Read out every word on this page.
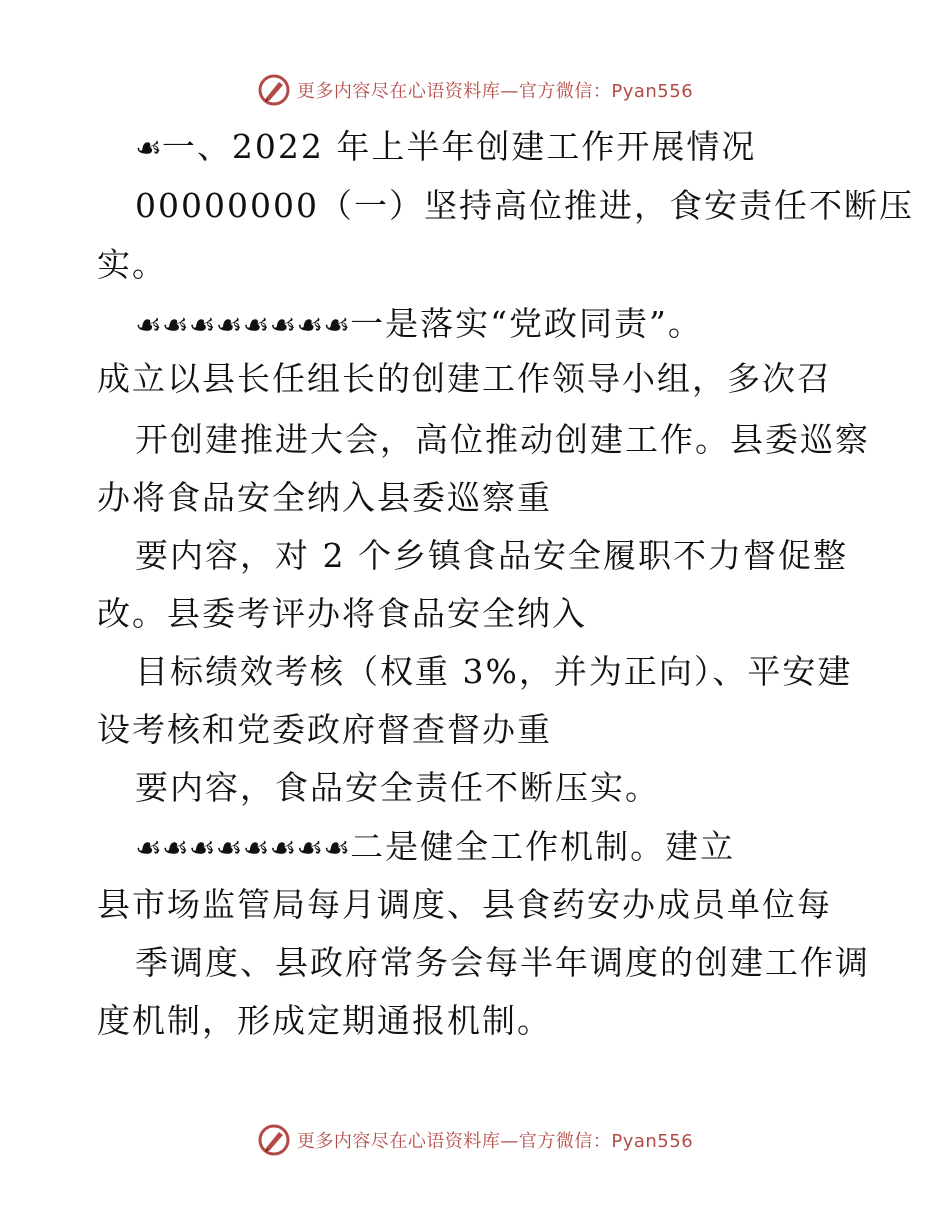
更多内容尽在心语资料库—官方微信：Pyan556
☙一、2022 年上半年创建工作开展情况
00000000（一）坚持高位推进，食安责任不断压
实。
☙☙☙☙☙☙☙☙一是落实“党政同责”。
成立以县长任组长的创建工作领导小组，多次召
开创建推进大会，高位推动创建工作。县委巡察
办将食品安全纳入县委巡察重
要内容，对 2 个乡镇食品安全履职不力督促整
改。县委考评办将食品安全纳入
目标绩效考核（权重 3%，并为正向）、平安建
设考核和党委政府督查督办重
要内容，食品安全责任不断压实。
☙☙☙☙☙☙☙☙二是健全工作机制。建立
县市场监管局每月调度、县食药安办成员单位每
季调度、县政府常务会每半年调度的创建工作调
度机制，形成定期通报机制。
更多内容尽在心语资料库—官方微信：Pyan556
